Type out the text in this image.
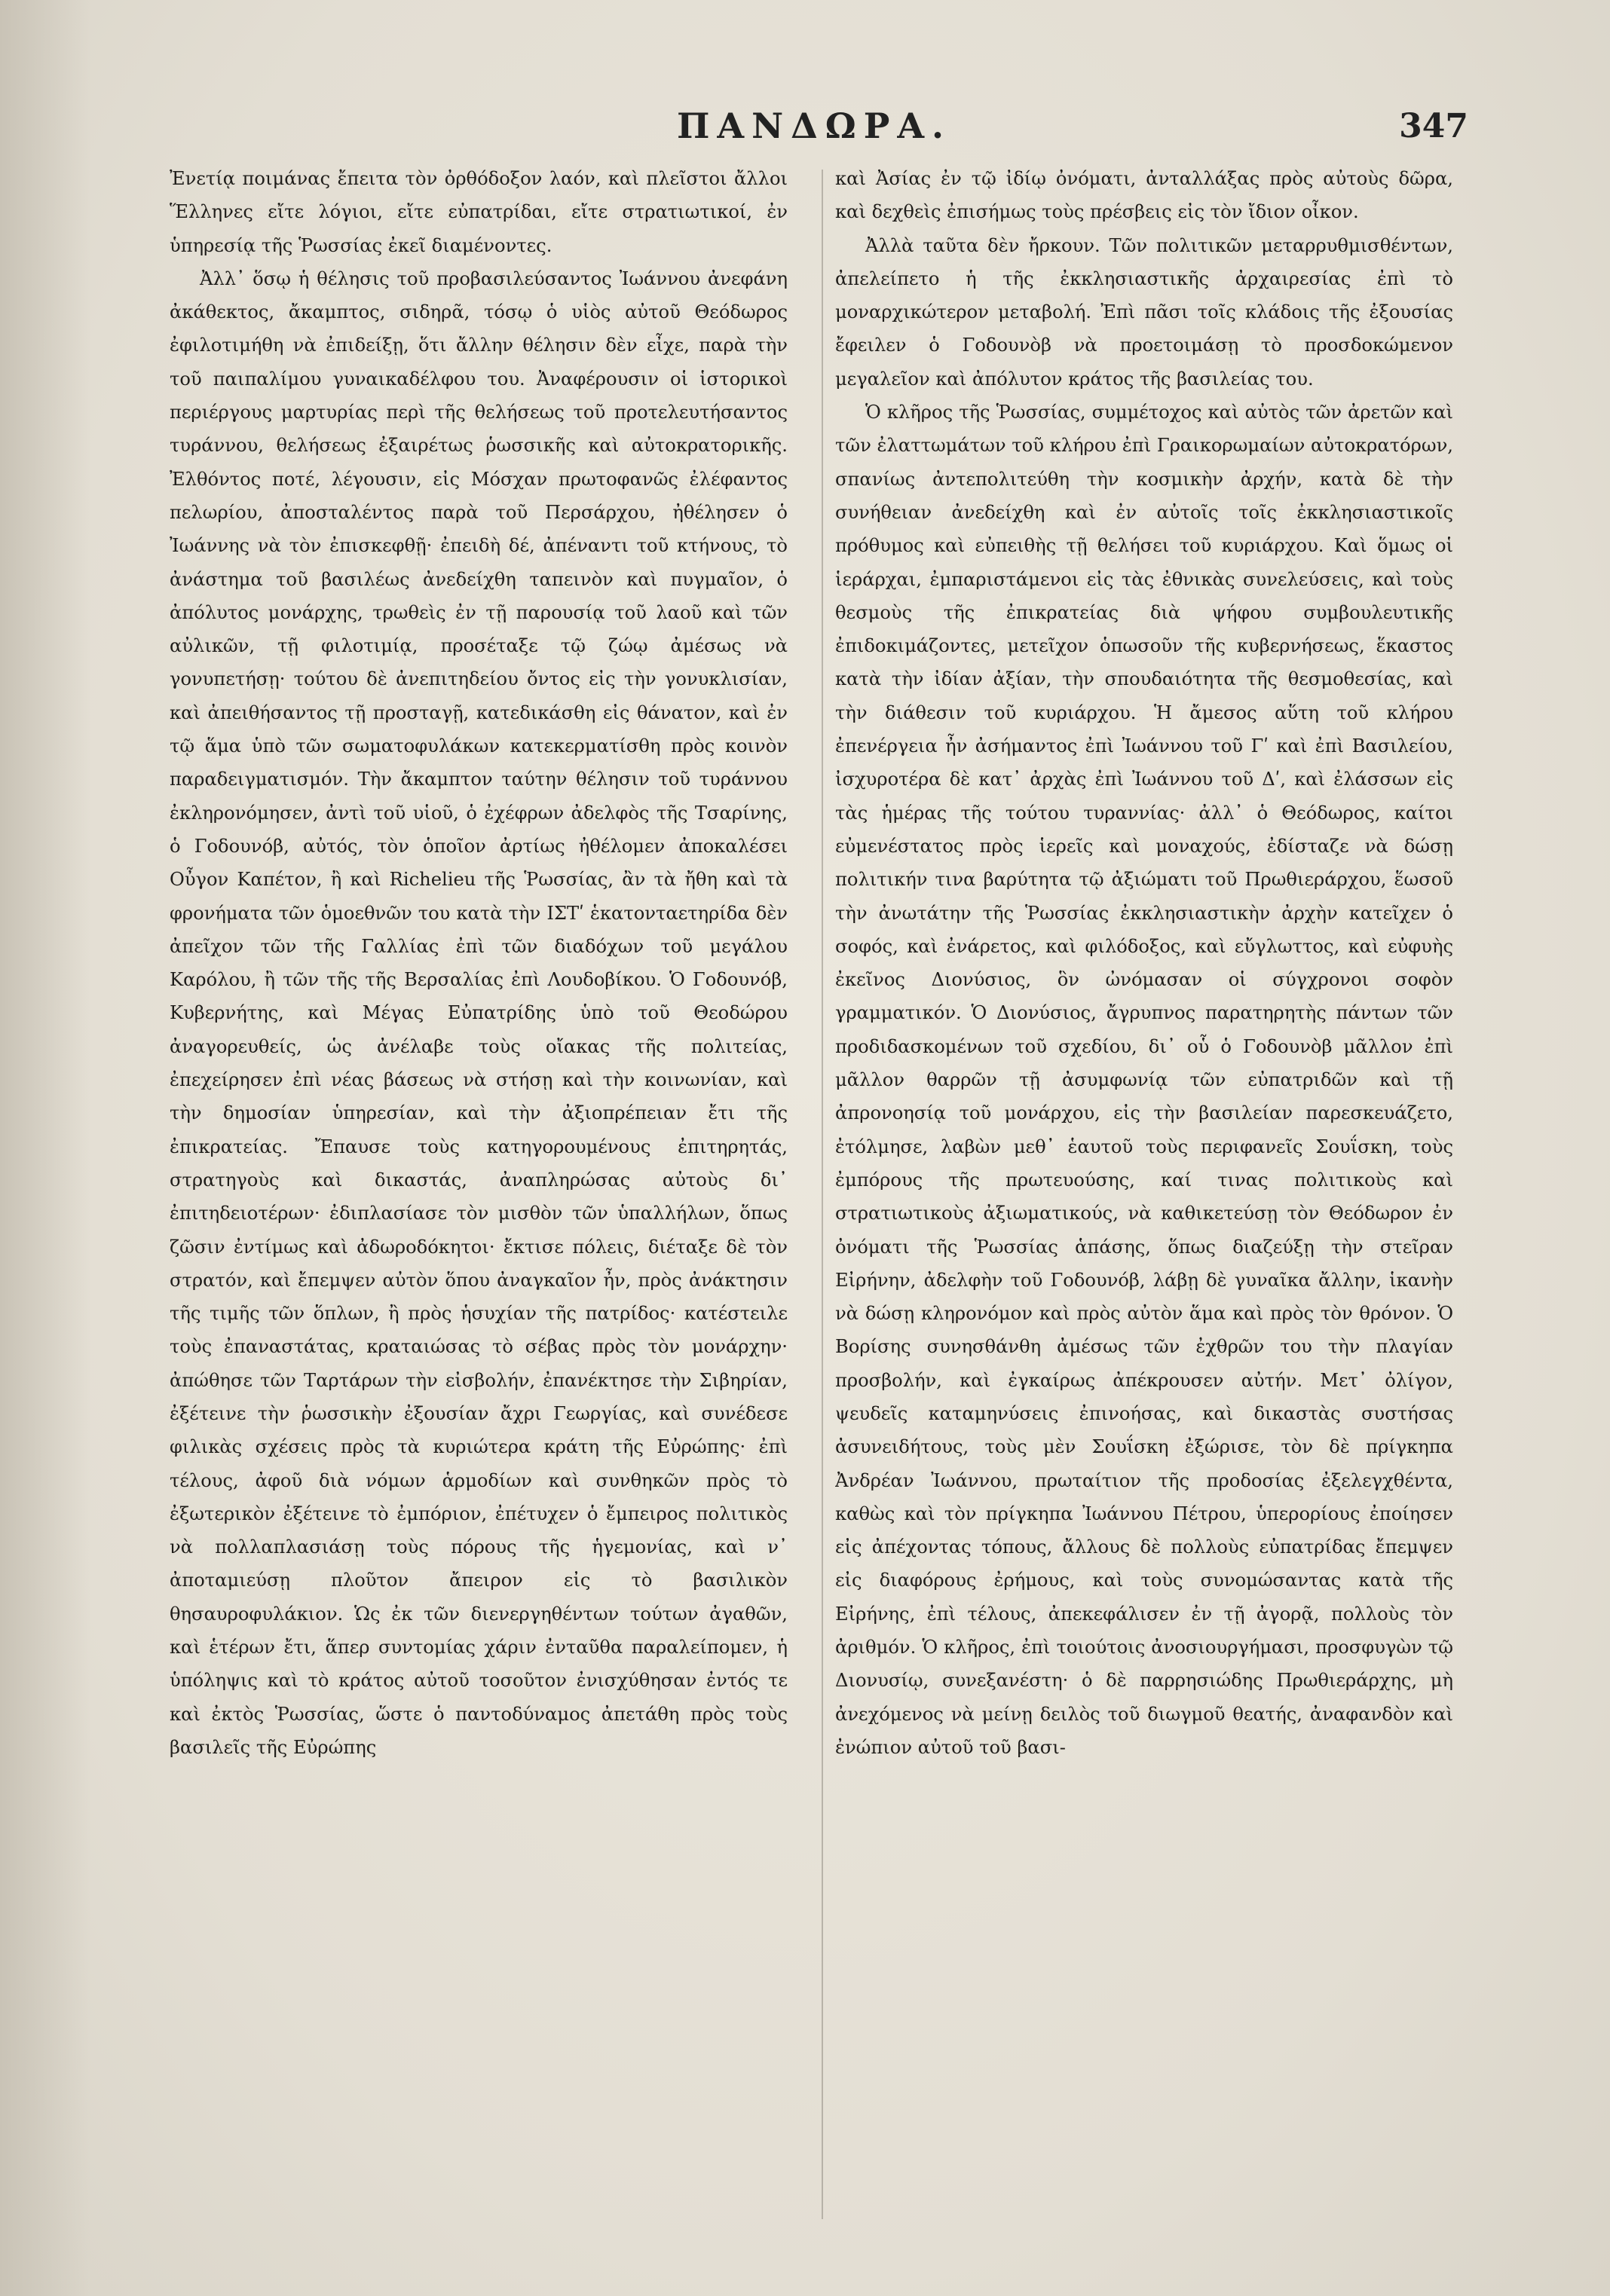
ΠΑΝΔΩΡΑ.	347

Ἐνετίᾳ ποιμάνας ἔπειτα τὸν ὀρθόδοξον λαόν, καὶ πλεῖστοι ἄλλοι Ἕλληνες εἴτε λόγιοι, εἴτε εὐπατρίδαι, εἴτε στρατιωτικοί, ἐν ὑπηρεσίᾳ τῆς Ῥωσσίας ἐκεῖ διαμένοντες.

Ἀλλ᾽ ὅσῳ ἡ θέλησις τοῦ προβασιλεύσαντος Ἰωάννου ἀνεφάνη ἀκάθεκτος, ἄκαμπτος, σιδηρᾶ, τόσῳ ὁ υἱὸς αὐτοῦ Θεόδωρος ἐφιλοτιμήθη νὰ ἐπιδείξῃ, ὅτι ἄλλην θέλησιν δὲν εἶχε, παρὰ τὴν τοῦ παιπαλίμου γυναικαδέλφου του. Ἀναφέρουσιν οἱ ἱστορικοὶ περιέργους μαρτυρίας περὶ τῆς θελήσεως τοῦ προτελευτήσαντος τυράννου, θελήσεως ἐξαιρέτως ῥωσσικῆς καὶ αὐτοκρατορικῆς. Ἐλθόντος ποτέ, λέγουσιν, εἰς Μόσχαν πρωτοφανῶς ἐλέφαντος πελωρίου, ἀποσταλέντος παρὰ τοῦ Περσάρχου, ἠθέλησεν ὁ Ἰωάννης νὰ τὸν ἐπισκεφθῇ· ἐπειδὴ δέ, ἀπέναντι τοῦ κτήνους, τὸ ἀνάστημα τοῦ βασιλέως ἀνεδείχθη ταπεινὸν καὶ πυγμαῖον, ὁ ἀπόλυτος μονάρχης, τρωθεὶς ἐν τῇ παρουσίᾳ τοῦ λαοῦ καὶ τῶν αὐλικῶν, τῇ φιλοτιμίᾳ, προσέταξε τῷ ζώῳ ἀμέσως νὰ γονυπετήσῃ· τούτου δὲ ἀνεπιτηδείου ὄντος εἰς τὴν γονυκλισίαν, καὶ ἀπειθήσαντος τῇ προσταγῇ, κατεδικάσθη εἰς θάνατον, καὶ ἐν τῷ ἅμα ὑπὸ τῶν σωματοφυλάκων κατεκερματίσθη πρὸς κοινὸν παραδειγματισμόν. Τὴν ἄκαμπτον ταύτην θέλησιν τοῦ τυράννου ἐκληρονόμησεν, ἀντὶ τοῦ υἱοῦ, ὁ ἐχέφρων ἀδελφὸς τῆς Τσαρίνης, ὁ Γοδουνόβ, αὐτός, τὸν ὁποῖον ἀρτίως ἠθέλομεν ἀποκαλέσει Οὖγον Καπέτον, ἢ καὶ Richelieu τῆς Ῥωσσίας, ἂν τὰ ἤθη καὶ τὰ φρονήματα τῶν ὁμοεθνῶν του κατὰ τὴν ΙΣΤʹ ἑκατονταετηρίδα δὲν ἀπεῖχον τῶν τῆς Γαλλίας ἐπὶ τῶν διαδόχων τοῦ μεγάλου Καρόλου, ἢ τῶν τῆς τῆς Βερσαλίας ἐπὶ Λουδοβίκου. Ὁ Γοδουνόβ, Κυβερνήτης, καὶ Μέγας Εὐπατρίδης ὑπὸ τοῦ Θεοδώρου ἀναγορευθείς, ὡς ἀνέλαβε τοὺς οἴακας τῆς πολιτείας, ἐπεχείρησεν ἐπὶ νέας βάσεως νὰ στήσῃ καὶ τὴν κοινωνίαν, καὶ τὴν δημοσίαν ὑπηρεσίαν, καὶ τὴν ἀξιοπρέπειαν ἔτι τῆς ἐπικρατείας. Ἔπαυσε τοὺς κατηγορουμένους ἐπιτηρητάς, στρατηγοὺς καὶ δικαστάς, ἀναπληρώσας αὐτοὺς δι᾽ ἐπιτηδειοτέρων· ἐδιπλασίασε τὸν μισθὸν τῶν ὑπαλλήλων, ὅπως ζῶσιν ἐντίμως καὶ ἀδωροδόκητοι· ἔκτισε πόλεις, διέταξε δὲ τὸν στρατόν, καὶ ἔπεμψεν αὐτὸν ὅπου ἀναγκαῖον ἦν, πρὸς ἀνάκτησιν τῆς τιμῆς τῶν ὅπλων, ἢ πρὸς ἡσυχίαν τῆς πατρίδος· κατέστειλε τοὺς ἐπαναστάτας, κραταιώσας τὸ σέβας πρὸς τὸν μονάρχην· ἀπώθησε τῶν Ταρτάρων τὴν εἰσβολήν, ἐπανέκτησε τὴν Σιβηρίαν, ἐξέτεινε τὴν ῥωσσικὴν ἐξουσίαν ἄχρι Γεωργίας, καὶ συνέδεσε φιλικὰς σχέσεις πρὸς τὰ κυριώτερα κράτη τῆς Εὐρώπης· ἐπὶ τέλους, ἀφοῦ διὰ νόμων ἁρμοδίων καὶ συνθηκῶν πρὸς τὸ ἐξωτερικὸν ἐξέτεινε τὸ ἐμπόριον, ἐπέτυχεν ὁ ἔμπειρος πολιτικὸς νὰ πολλαπλασιάσῃ τοὺς πόρους τῆς ἡγεμονίας, καὶ ν᾽ ἀποταμιεύσῃ πλοῦτον ἄπειρον εἰς τὸ βασιλικὸν θησαυροφυλάκιον. Ὡς ἐκ τῶν διενεργηθέντων τούτων ἀγαθῶν, καὶ ἑτέρων ἔτι, ἅπερ συντομίας χάριν ἐνταῦθα παραλείπομεν, ἡ ὑπόληψις καὶ τὸ κράτος αὐτοῦ τοσοῦτον ἐνισχύθησαν ἐντός τε καὶ ἐκτὸς Ῥωσσίας, ὥστε ὁ παντοδύναμος ἀπετάθη πρὸς τοὺς βασιλεῖς τῆς Εὐρώπης

καὶ Ἀσίας ἐν τῷ ἰδίῳ ὀνόματι, ἀνταλλάξας πρὸς αὐτοὺς δῶρα, καὶ δεχθεὶς ἐπισήμως τοὺς πρέσβεις εἰς τὸν ἴδιον οἶκον.

Ἀλλὰ ταῦτα δὲν ἤρκουν. Τῶν πολιτικῶν μεταρρυθμισθέντων, ἀπελείπετο ἡ τῆς ἐκκλησιαστικῆς ἀρχαιρεσίας ἐπὶ τὸ μοναρχικώτερον μεταβολή. Ἐπὶ πᾶσι τοῖς κλάδοις τῆς ἐξουσίας ἔφειλεν ὁ Γοδουνὸβ νὰ προετοιμάσῃ τὸ προσδοκώμενον μεγαλεῖον καὶ ἀπόλυτον κράτος τῆς βασιλείας του.

Ὁ κλῆρος τῆς Ῥωσσίας, συμμέτοχος καὶ αὐτὸς τῶν ἀρετῶν καὶ τῶν ἐλαττωμάτων τοῦ κλήρου ἐπὶ Γραικορωμαίων αὐτοκρατόρων, σπανίως ἀντεπολιτεύθη τὴν κοσμικὴν ἀρχήν, κατὰ δὲ τὴν συνήθειαν ἀνεδείχθη καὶ ἐν αὐτοῖς τοῖς ἐκκλησιαστικοῖς πρόθυμος καὶ εὐπειθὴς τῇ θελήσει τοῦ κυριάρχου. Καὶ ὅμως οἱ ἱεράρχαι, ἐμπαριστάμενοι εἰς τὰς ἐθνικὰς συνελεύσεις, καὶ τοὺς θεσμοὺς τῆς ἐπικρατείας διὰ ψήφου συμβουλευτικῆς ἐπιδοκιμάζοντες, μετεῖχον ὁπωσοῦν τῆς κυβερνήσεως, ἕκαστος κατὰ τὴν ἰδίαν ἀξίαν, τὴν σπουδαιότητα τῆς θεσμοθεσίας, καὶ τὴν διάθεσιν τοῦ κυριάρχου. Ἡ ἄμεσος αὕτη τοῦ κλήρου ἐπενέργεια ἦν ἀσήμαντος ἐπὶ Ἰωάννου τοῦ Γʹ καὶ ἐπὶ Βασιλείου, ἰσχυροτέρα δὲ κατ᾽ ἀρχὰς ἐπὶ Ἰωάννου τοῦ Δʹ, καὶ ἐλάσσων εἰς τὰς ἡμέρας τῆς τούτου τυραννίας· ἀλλ᾽ ὁ Θεόδωρος, καίτοι εὐμενέστατος πρὸς ἱερεῖς καὶ μοναχούς, ἐδίσταζε νὰ δώσῃ πολιτικήν τινα βαρύτητα τῷ ἀξιώματι τοῦ Πρωθιεράρχου, ἕωσοῦ τὴν ἀνωτάτην τῆς Ῥωσσίας ἐκκλησιαστικὴν ἀρχὴν κατεῖχεν ὁ σοφός, καὶ ἐνάρετος, καὶ φιλόδοξος, καὶ εὔγλωττος, καὶ εὐφυὴς ἐκεῖνος Διονύσιος, ὃν ὠνόμασαν οἱ σύγχρονοι σοφὸν γραμματικόν. Ὁ Διονύσιος, ἄγρυπνος παρατηρητὴς πάντων τῶν προδιδασκομένων τοῦ σχεδίου, δι᾽ οὗ ὁ Γοδουνὸβ μᾶλλον ἐπὶ μᾶλλον θαρρῶν τῇ ἀσυμφωνίᾳ τῶν εὐπατριδῶν καὶ τῇ ἀπρονοησίᾳ τοῦ μονάρχου, εἰς τὴν βασιλείαν παρεσκευάζετο, ἐτόλμησε, λαβὼν μεθ᾽ ἑαυτοῦ τοὺς περιφανεῖς Σουΐσκη, τοὺς ἐμπόρους τῆς πρωτευούσης, καί τινας πολιτικοὺς καὶ στρατιωτικοὺς ἀξιωματικούς, νὰ καθικετεύσῃ τὸν Θεόδωρον ἐν ὀνόματι τῆς Ῥωσσίας ἁπάσης, ὅπως διαζεύξῃ τὴν στεῖραν Εἰρήνην, ἀδελφὴν τοῦ Γοδουνόβ, λάβῃ δὲ γυναῖκα ἄλλην, ἱκανὴν νὰ δώσῃ κληρονόμον καὶ πρὸς αὐτὸν ἅμα καὶ πρὸς τὸν θρόνον. Ὁ Βορίσης συνησθάνθη ἀμέσως τῶν ἐχθρῶν του τὴν πλαγίαν προσβολήν, καὶ ἐγκαίρως ἀπέκρουσεν αὐτήν. Μετ᾽ ὀλίγον, ψευδεῖς καταμηνύσεις ἐπινοήσας, καὶ δικαστὰς συστήσας ἀσυνειδήτους, τοὺς μὲν Σουΐσκη ἐξώρισε, τὸν δὲ πρίγκηπα Ἀνδρέαν Ἰωάννου, πρωταίτιον τῆς προδοσίας ἐξελεγχθέντα, καθὼς καὶ τὸν πρίγκηπα Ἰωάννου Πέτρου, ὑπερορίους ἐποίησεν εἰς ἀπέχοντας τόπους, ἄλλους δὲ πολλοὺς εὐπατρίδας ἔπεμψεν εἰς διαφόρους ἐρήμους, καὶ τοὺς συνομώσαντας κατὰ τῆς Εἰρήνης, ἐπὶ τέλους, ἀπεκεφάλισεν ἐν τῇ ἀγορᾷ, πολλοὺς τὸν ἀριθμόν. Ὁ κλῆρος, ἐπὶ τοιούτοις ἀνοσιουργήμασι, προσφυγὼν τῷ Διονυσίῳ, συνεξανέστη· ὁ δὲ παρρησιώδης Πρωθιεράρχης, μὴ ἀνεχόμενος νὰ μείνῃ δειλὸς τοῦ διωγμοῦ θεατής, ἀναφανδὸν καὶ ἐνώπιον αὐτοῦ τοῦ βασι-
